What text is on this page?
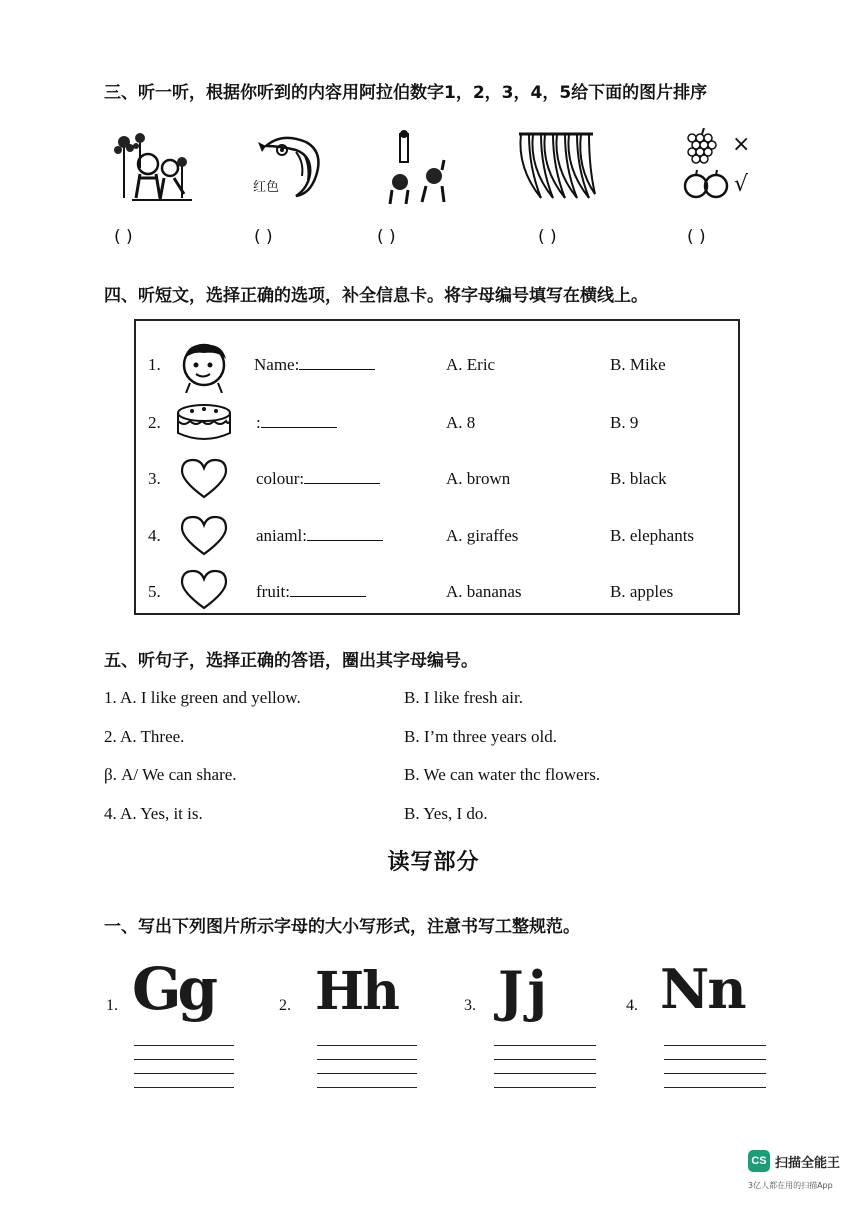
三、听一听，根据你听到的内容用阿拉伯数字1，2，3，4，5给下面的图片排序
红色
×
√
( )	( )	( )	( )	( )
四、听短文，选择正确的选项，补全信息卡。将字母编号填写在横线上。
1.	Name:	A. Eric	B. Mike
2.	:	A. 8	B. 9
3.	colour:	A. brown	B. black
4.	aniaml:	A. giraffes	B. elephants
5.	fruit:	A. bananas	B. apples
五、听句子，选择正确的答语，圈出其字母编号。
1. A. I like green and yellow.	B. I like fresh air.
2. A. Three.	B. I’m three years old.
β. A/ We can share.	B. We can water thc flowers.
4. A. Yes, it is.	B. Yes, I do.
读写部分
一、写出下列图片所示字母的大小写形式，注意书写工整规范。
1. Gg	2. Hh	3. Jj	4. Nn
CS 扫描全能王
3亿人都在用的扫描App
